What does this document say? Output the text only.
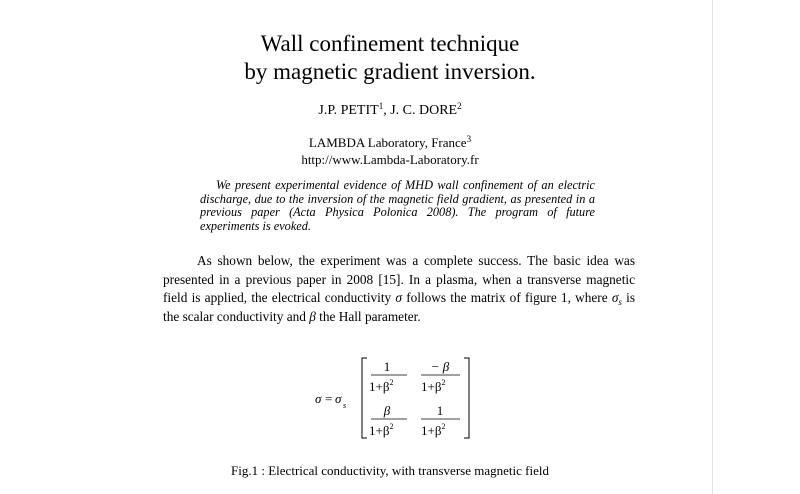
Wall confinement technique
by magnetic gradient inversion.
J.P. PETIT$^1$, J. C. DORE$^2$
LAMBDA Laboratory, France$^3$
http://www.Lambda-Laboratory.fr
We present experimental evidence of MHD wall confinement of an electric discharge, due to the inversion of the magnetic field gradient, as presented in a previous paper (Acta Physica Polonica 2008). The program of future experiments is evoked.
As shown below, the experiment was a complete success. The basic idea was presented in a previous paper in 2008 [15]. In a plasma, when a transverse magnetic field is applied, the electrical conductivity σ follows the matrix of figure 1, where $\sigma_s$ is the scalar conductivity and β the Hall parameter.
σ = σ s
1
$1+\beta^2$
− β
$1+\beta^2$
β
$1+\beta^2$
1
$1+\beta^2$
Fig.1 : Electrical conductivity, with transverse magnetic field
